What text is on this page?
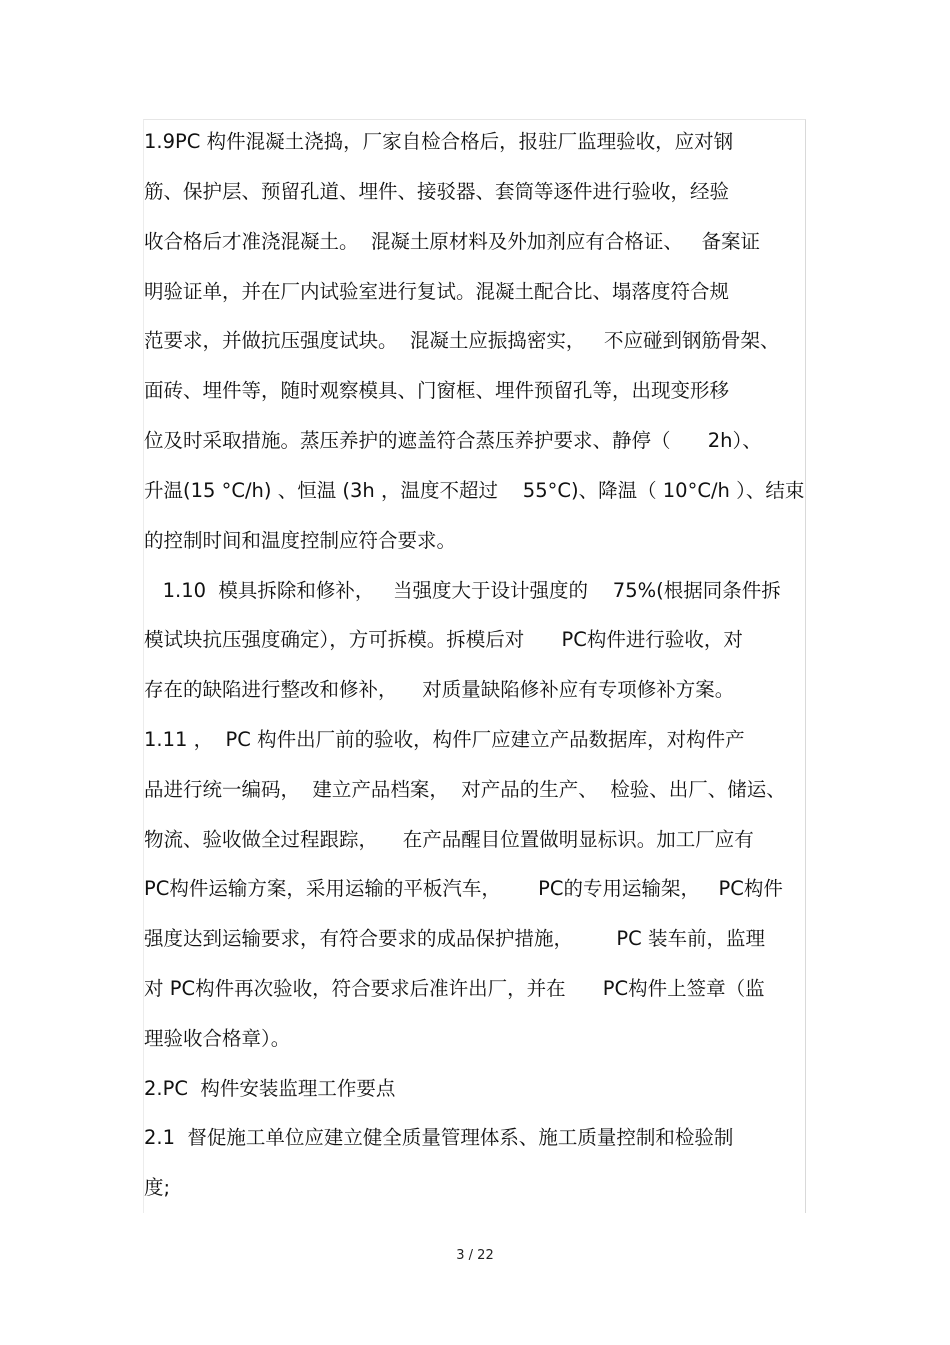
1.9PC 构件混凝土浇捣，厂家自检合格后，报驻厂监理验收，应对钢
筋、保护层、预留孔道、埋件、接驳器、套筒等逐件进行验收，经验
收合格后才准浇混凝土。  混凝土原材料及外加剂应有合格证、   备案证
明验证单，并在厂内试验室进行复试。混凝土配合比、塌落度符合规
范要求，并做抗压强度试块。  混凝土应振捣密实，   不应碰到钢筋骨架、
面砖、埋件等，随时观察模具、门窗框、埋件预留孔等，出现变形移
位及时采取措施。蒸压养护的遮盖符合蒸压养护要求、静停（      2h）、
升温(15 °C/h) 、恒温 (3h ，温度不超过    55°C)、降温（ 10°C/h ）、结束
的控制时间和温度控制应符合要求。
1.10  模具拆除和修补，   当强度大于设计强度的    75%(根据同条件拆
模试块抗压强度确定），方可拆模。拆模后对      PC构件进行验收，对
存在的缺陷进行整改和修补，    对质量缺陷修补应有专项修补方案。
1.11 ，  PC 构件出厂前的验收，构件厂应建立产品数据库，对构件产
品进行统一编码，  建立产品档案，  对产品的生产、  检验、出厂、储运、
物流、验收做全过程跟踪，    在产品醒目位置做明显标识。加工厂应有
PC构件运输方案，采用运输的平板汽车，      PC的专用运输架，   PC构件
强度达到运输要求，有符合要求的成品保护措施，       PC 装车前，监理
对 PC构件再次验收，符合要求后准许出厂，并在      PC构件上签章（监
理验收合格章）。
2.PC  构件安装监理工作要点
2.1  督促施工单位应建立健全质量管理体系、施工质量控制和检验制
度;
3 / 22
